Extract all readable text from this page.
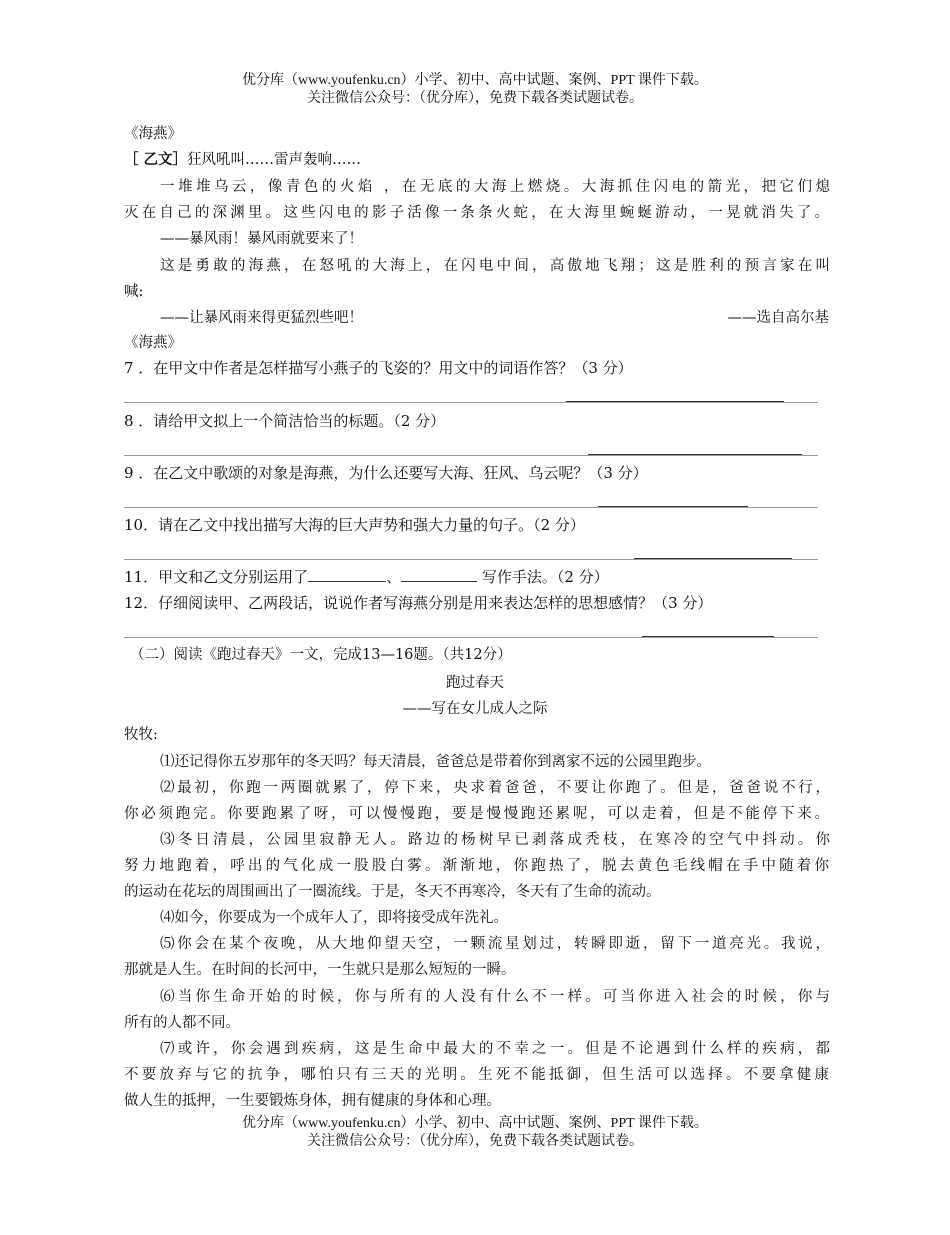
优分库（www.youfenku.cn）小学、初中、高中试题、案例、PPT 课件下载。
关注微信公众号：（优分库），免费下载各类试题试卷。
《海燕》
［ 乙文］狂风吼叫……雷声轰响……
一堆堆乌云，像青色的火焰 ，在无底的大海上燃烧。大海抓住闪电的箭光，把它们熄
灭在自己的深渊里。这些闪电的影子活像一条条火蛇，在大海里蜿蜒游动，一晃就消失了。
——暴风雨！暴风雨就要来了！
这是勇敢的海燕，在怒吼的大海上，在闪电中间，高傲地飞翔；这是胜利的预言家在叫
喊:
——让暴风雨来得更猛烈些吧！	——选自高尔基
《海燕》
7 ．在甲文中作者是怎样描写小燕子的飞姿的？用文中的词语作答？（3 分）
8 ．请给甲文拟上一个简洁恰当的标题。（2 分）
9 ．在乙文中歌颂的对象是海燕，为什么还要写大海、狂风、乌云呢？（3 分）
10．请在乙文中找出描写大海的巨大声势和强大力量的句子。（2 分）
11．甲文和乙文分别运用了	、	写作手法。（2 分）
12．仔细阅读甲、乙两段话，说说作者写海燕分别是用来表达怎样的思想感情？（3 分）
（二）阅读《跑过春天》一文，完成13—16题。（共12分）
跑过春天
——写在女儿成人之际
牧牧:
⑴还记得你五岁那年的冬天吗？每天清晨，爸爸总是带着你到离家不远的公园里跑步。
⑵最初，你跑一两圈就累了，停下来，央求着爸爸，不要让你跑了。但是，爸爸说不行，
你必须跑完。你要跑累了呀，可以慢慢跑，要是慢慢跑还累呢，可以走着，但是不能停下来。
⑶冬日清晨，公园里寂静无人。路边的杨树早已剥落成秃枝，在寒冷的空气中抖动。你
努力地跑着，呼出的气化成一股股白雾。渐渐地，你跑热了，脱去黄色毛线帽在手中随着你
的运动在花坛的周围画出了一圈流线。于是，冬天不再寒冷，冬天有了生命的流动。
⑷如今，你要成为一个成年人了，即将接受成年洗礼。
⑸你会在某个夜晚，从大地仰望天空，一颗流星划过，转瞬即逝，留下一道亮光。我说，
那就是人生。在时间的长河中，一生就只是那么短短的一瞬。
⑹当你生命开始的时候，你与所有的人没有什么不一样。可当你进入社会的时候，你与
所有的人都不同。
⑺或许，你会遇到疾病，这是生命中最大的不幸之一。但是不论遇到什么样的疾病，都
不要放弃与它的抗争，哪怕只有三天的光明。生死不能抵御，但生活可以选择。不要拿健康
做人生的抵押，一生要锻炼身体，拥有健康的身体和心理。
优分库（www.youfenku.cn）小学、初中、高中试题、案例、PPT 课件下载。
关注微信公众号：（优分库），免费下载各类试题试卷。
